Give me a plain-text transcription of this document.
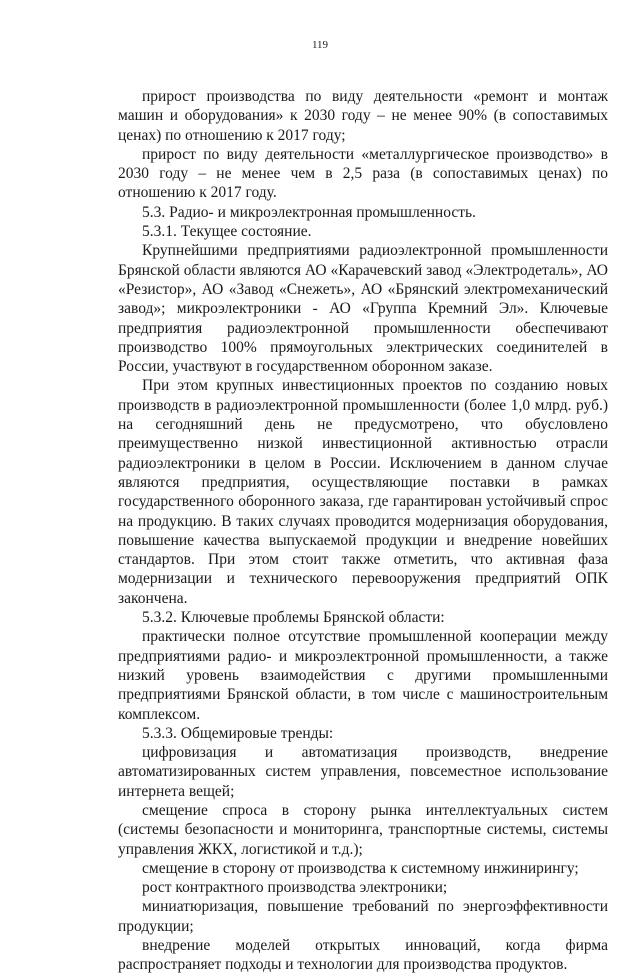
119

прирост производства по виду деятельности «ремонт и монтаж машин и оборудования» к 2030 году – не менее 90% (в сопоставимых ценах) по отношению к 2017 году;

прирост по виду деятельности «металлургическое производство» в 2030 году – не менее чем в 2,5 раза (в сопоставимых ценах) по отношению к 2017 году.

5.3. Радио- и микроэлектронная промышленность.

5.3.1. Текущее состояние.

Крупнейшими предприятиями радиоэлектронной промышленности Брянской области являются АО «Карачевский завод «Электродеталь», АО «Резистор», АО «Завод «Снежеть», АО «Брянский электромеханический завод»; микроэлектроники - АО «Группа Кремний Эл». Ключевые предприятия радиоэлектронной промышленности обеспечивают производство 100% прямоугольных электрических соединителей в России, участвуют в государственном оборонном заказе.

При этом крупных инвестиционных проектов по созданию новых производств в радиоэлектронной промышленности (более 1,0 млрд. руб.) на сегодняшний день не предусмотрено, что обусловлено преимущественно низкой инвестиционной активностью отрасли радиоэлектроники в целом в России. Исключением в данном случае являются предприятия, осуществляющие поставки в рамках государственного оборонного заказа, где гарантирован устойчивый спрос на продукцию. В таких случаях проводится модернизация оборудования, повышение качества выпускаемой продукции и внедрение новейших стандартов. При этом стоит также отметить, что активная фаза модернизации и технического перевооружения предприятий ОПК закончена.

5.3.2. Ключевые проблемы Брянской области:

практически полное отсутствие промышленной кооперации между предприятиями радио- и микроэлектронной промышленности, а также низкий уровень взаимодействия с другими промышленными предприятиями Брянской области, в том числе с машиностроительным комплексом.

5.3.3. Общемировые тренды:

цифровизация и автоматизация производств, внедрение автоматизированных систем управления, повсеместное использование интернета вещей;

смещение спроса в сторону рынка интеллектуальных систем (системы безопасности и мониторинга, транспортные системы, системы управления ЖКХ, логистикой и т.д.);

смещение в сторону от производства к системному инжинирингу;

рост контрактного производства электроники;

миниатюризация, повышение требований по энергоэффективности продукции;

внедрение моделей открытых инноваций, когда фирма распространяет подходы и технологии для производства продуктов.
